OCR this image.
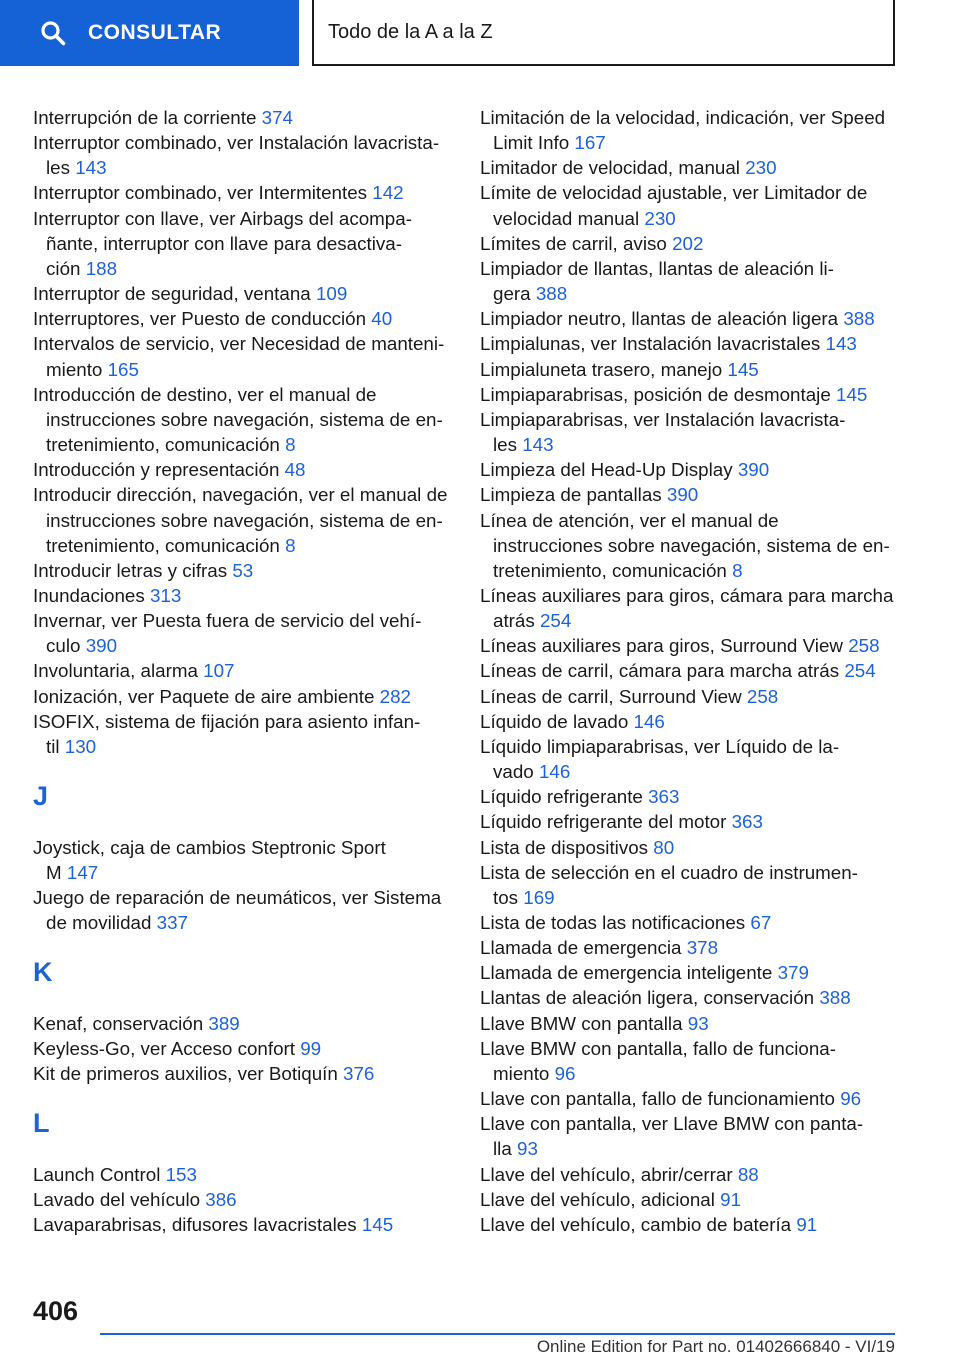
CONSULTAR	Todo de la A a la Z
Interrupción de la corriente 374
Interruptor combinado, ver Instalación lavacrista-
les 143
Interruptor combinado, ver Intermitentes 142
Interruptor con llave, ver Airbags del acompa-
ñante, interruptor con llave para desactiva-
ción 188
Interruptor de seguridad, ventana 109
Interruptores, ver Puesto de conducción 40
Intervalos de servicio, ver Necesidad de manteni-
miento 165
Introducción de destino, ver el manual de
instrucciones sobre navegación, sistema de en-
tretenimiento, comunicación 8
Introducción y representación 48
Introducir dirección, navegación, ver el manual de
instrucciones sobre navegación, sistema de en-
tretenimiento, comunicación 8
Introducir letras y cifras 53
Inundaciones 313
Invernar, ver Puesta fuera de servicio del vehí-
culo 390
Involuntaria, alarma 107
Ionización, ver Paquete de aire ambiente 282
ISOFIX, sistema de fijación para asiento infan-
til 130
J
Joystick, caja de cambios Steptronic Sport
M 147
Juego de reparación de neumáticos, ver Sistema
de movilidad 337
K
Kenaf, conservación 389
Keyless-Go, ver Acceso confort 99
Kit de primeros auxilios, ver Botiquín 376
L
Launch Control 153
Lavado del vehículo 386
Lavaparabrisas, difusores lavacristales 145
Limitación de la velocidad, indicación, ver Speed
Limit Info 167
Limitador de velocidad, manual 230
Límite de velocidad ajustable, ver Limitador de
velocidad manual 230
Límites de carril, aviso 202
Limpiador de llantas, llantas de aleación li-
gera 388
Limpiador neutro, llantas de aleación ligera 388
Limpialunas, ver Instalación lavacristales 143
Limpialuneta trasero, manejo 145
Limpiaparabrisas, posición de desmontaje 145
Limpiaparabrisas, ver Instalación lavacrista-
les 143
Limpieza del Head-Up Display 390
Limpieza de pantallas 390
Línea de atención, ver el manual de
instrucciones sobre navegación, sistema de en-
tretenimiento, comunicación 8
Líneas auxiliares para giros, cámara para marcha
atrás 254
Líneas auxiliares para giros, Surround View 258
Líneas de carril, cámara para marcha atrás 254
Líneas de carril, Surround View 258
Líquido de lavado 146
Líquido limpiaparabrisas, ver Líquido de la-
vado 146
Líquido refrigerante 363
Líquido refrigerante del motor 363
Lista de dispositivos 80
Lista de selección en el cuadro de instrumen-
tos 169
Lista de todas las notificaciones 67
Llamada de emergencia 378
Llamada de emergencia inteligente 379
Llantas de aleación ligera, conservación 388
Llave BMW con pantalla 93
Llave BMW con pantalla, fallo de funciona-
miento 96
Llave con pantalla, fallo de funcionamiento 96
Llave con pantalla, ver Llave BMW con panta-
lla 93
Llave del vehículo, abrir/cerrar 88
Llave del vehículo, adicional 91
Llave del vehículo, cambio de batería 91
406
Online Edition for Part no. 01402666840 - VI/19
